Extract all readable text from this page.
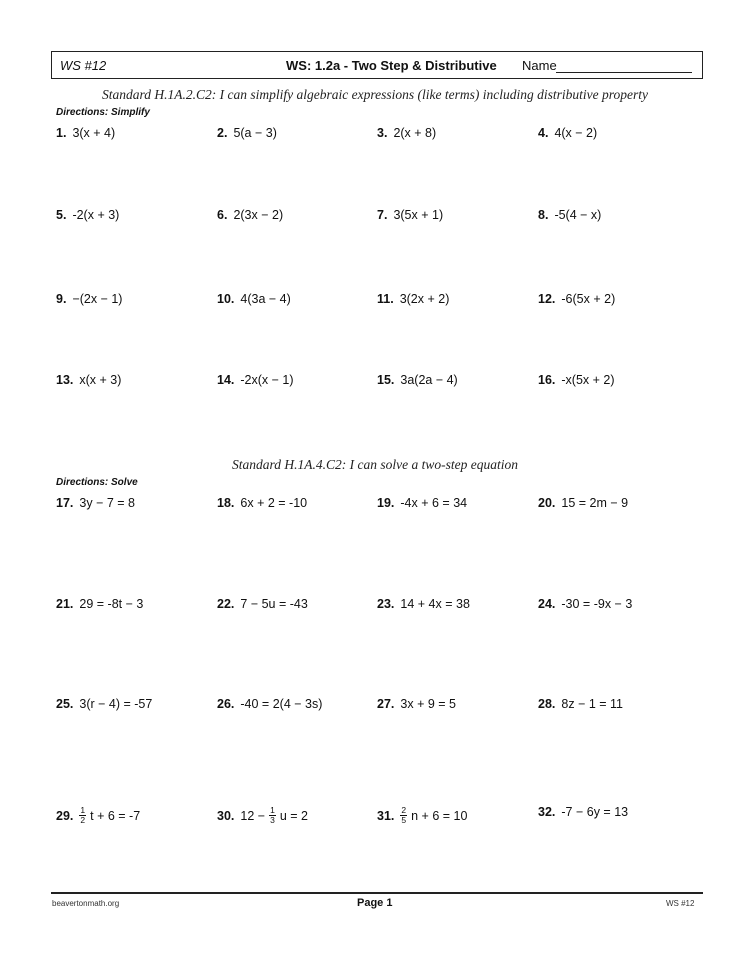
WS #12	WS: 1.2a - Two Step & Distributive Name
Standard H.1A.2.C2: I can simplify algebraic expressions (like terms) including distributive property
Directions: Simplify
1. 3(x + 4)	2. 5(a − 3)	3. 2(x + 8)	4. 4(x − 2)
5. -2(x + 3)	6. 2(3x − 2)	7. 3(5x + 1)	8. -5(4 − x)
9. −(2x − 1)	10. 4(3a − 4)	11. 3(2x + 2)	12. -6(5x + 2)
13. x(x + 3)	14. -2x(x − 1)	15. 3a(2a − 4)	16. -x(5x + 2)
Standard H.1A.4.C2: I can solve a two-step equation
Directions: Solve
17. 3y − 7 = 8	18. 6x + 2 = -10	19. -4x + 6 = 34	20. 15 = 2m − 9
21. 29 = -8t − 3	22. 7 − 5u = -43	23. 14 + 4x = 38	24. -30 = -9x − 3
25. 3(r − 4) = -57	26. -40 = 2(4 − 3s)	27. 3x + 9 = 5	28. 8z − 1 = 11
29. $\frac{1}{2}$ t + 6 = -7	30. $12 - \frac{1}{3}$ u = 2	31. $\frac{2}{5}$ n + 6 = 10	32. -7 − 6y = 13
beavertonmath.org	Page 1	WS #12
